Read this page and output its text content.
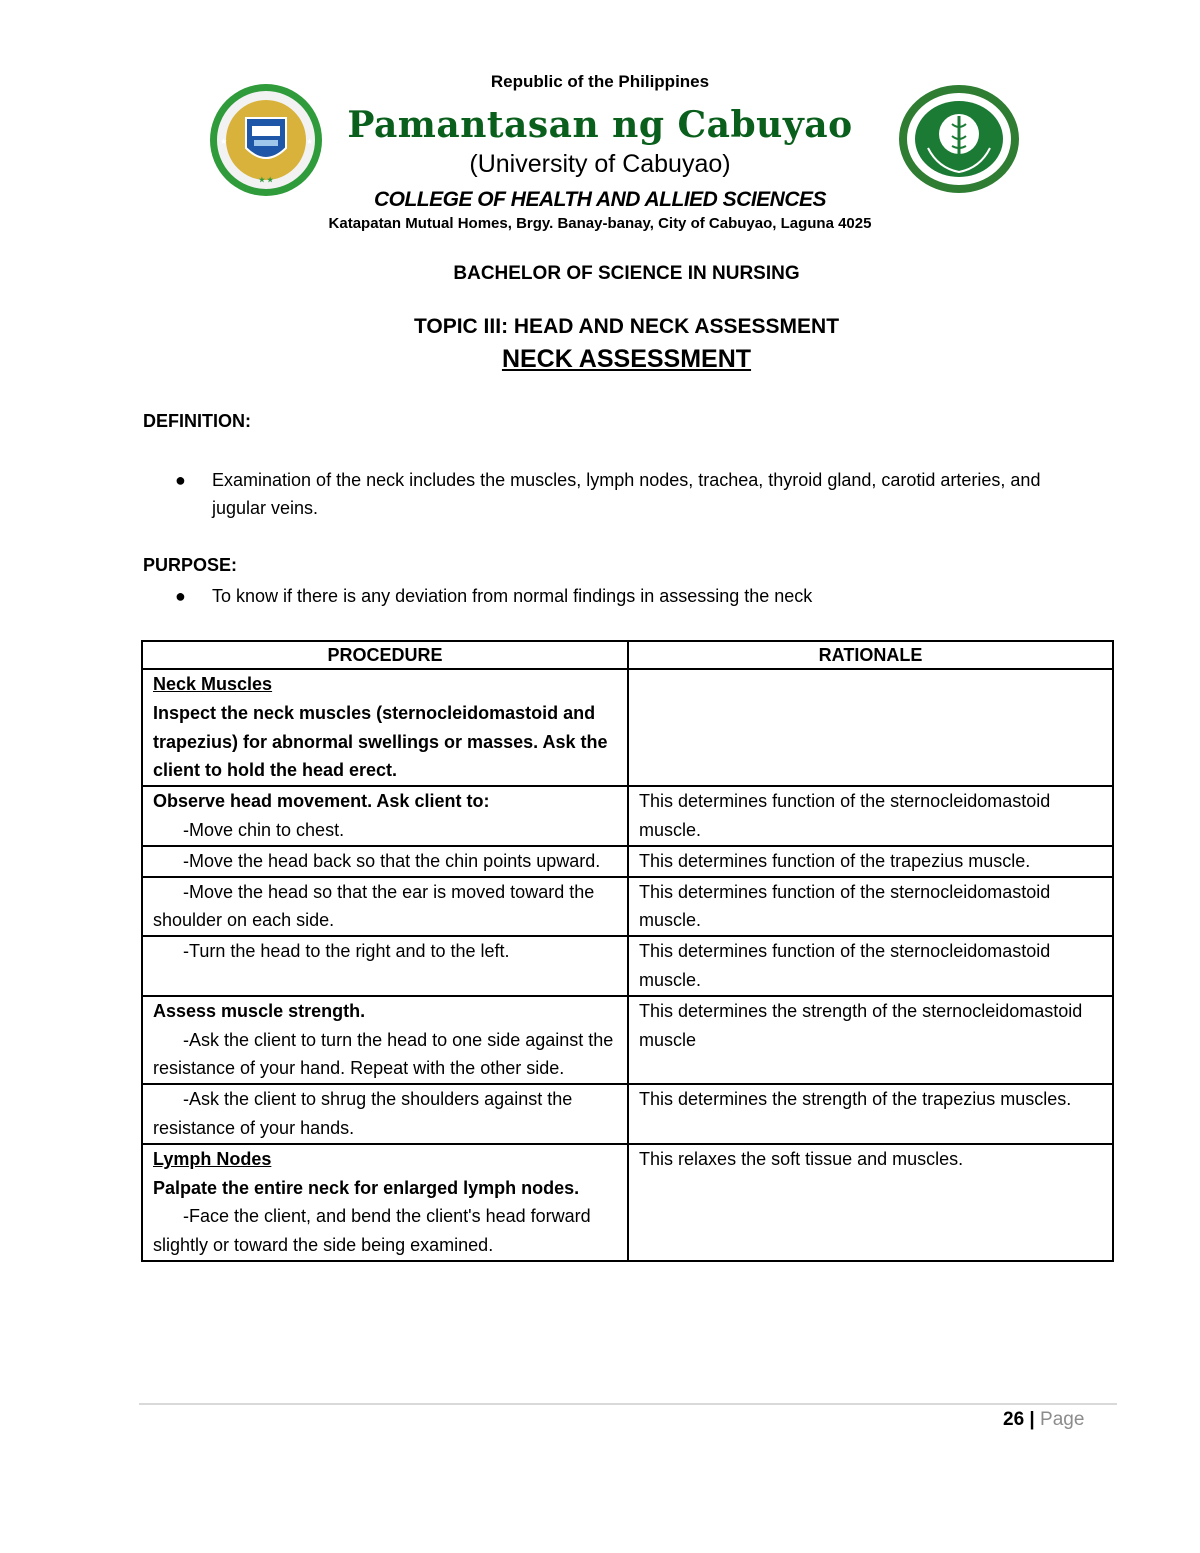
Republic of the Philippines
Pamantasan ng Cabuyao
(University of Cabuyao)
COLLEGE OF HEALTH AND ALLIED SCIENCES
Katapatan Mutual Homes, Brgy. Banay-banay, City of Cabuyao, Laguna 4025
★ ★
★	★
BACHELOR OF SCIENCE IN NURSING
TOPIC III: HEAD AND NECK ASSESSMENT
NECK ASSESSMENT
DEFINITION:
● Examination of the neck includes the muscles, lymph nodes, trachea, thyroid gland, carotid arteries, and jugular veins.
PURPOSE:
● To know if there is any deviation from normal findings in assessing the neck
PROCEDURE	RATIONALE

Neck Muscles
Inspect the neck muscles (sternocleidomastoid and trapezius) for abnormal swellings or masses. Ask the client to hold the head erect.	

Observe head movement. Ask client to:
-Move chin to chest.	This determines function of the sternocleidomastoid muscle.

-Move the head back so that the chin points upward.	This determines function of the trapezius muscle.

-Move the head so that the ear is moved toward the shoulder on each side.	This determines function of the sternocleidomastoid muscle.

-Turn the head to the right and to the left.	This determines function of the sternocleidomastoid muscle.

Assess muscle strength.
-Ask the client to turn the head to one side against the resistance of your hand. Repeat with the other side.	This determines the strength of the sternocleidomastoid muscle

-Ask the client to shrug the shoulders against the resistance of your hands.	This determines the strength of the trapezius muscles.

Lymph Nodes
Palpate the entire neck for enlarged lymph nodes.
-Face the client, and bend the client's head forward slightly or toward the side being examined.	This relaxes the soft tissue and muscles.
26 | Page
